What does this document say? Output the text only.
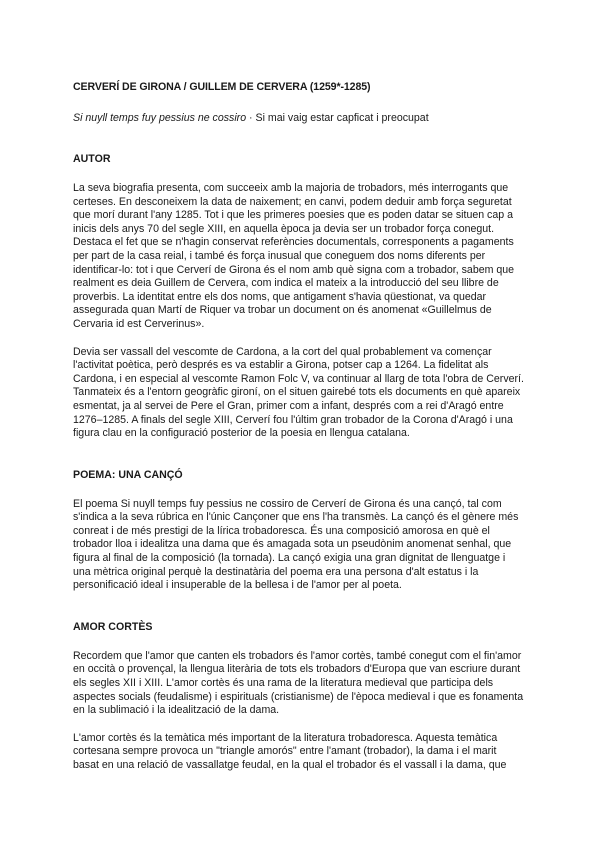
CERVERÍ DE GIRONA / GUILLEM DE CERVERA (1259*-1285)
Si nuyll temps fuy pessius ne cossiro · Si mai vaig estar capficat i preocupat
AUTOR

La seva biografia presenta, com succeeix amb la majoria de trobadors, més interrogants que certeses. En desconeixem la data de naixement; en canvi, podem deduir amb força seguretat que morí durant l'any 1285. Tot i que les primeres poesies que es poden datar se situen cap a inicis dels anys 70 del segle XIII, en aquella època ja devia ser un trobador força conegut. Destaca el fet que se n'hagin conservat referències documentals, corresponents a pagaments per part de la casa reial, i també és força inusual que coneguem dos noms diferents per identificar-lo: tot i que Cerverí de Girona és el nom amb què signa com a trobador, sabem que realment es deia Guillem de Cervera, com indica el mateix a la introducció del seu llibre de proverbis. La identitat entre els dos noms, que antigament s'havia qüestionat, va quedar assegurada quan Martí de Riquer va trobar un document on és anomenat «Guillelmus de Cervaria id est Cerverinus».

Devia ser vassall del vescomte de Cardona, a la cort del qual probablement va començar l'activitat poètica, però després es va establir a Girona, potser cap a 1264. La fidelitat als Cardona, i en especial al vescomte Ramon Folc V, va continuar al llarg de tota l'obra de Cerverí. Tanmateix és a l'entorn geogràfic gironí, on el situen gairebé tots els documents en què apareix esmentat, ja al servei de Pere el Gran, primer com a infant, després com a rei d'Aragó entre 1276–1285. A finals del segle XIII, Cerverí fou l'últim gran trobador de la Corona d'Aragó i una figura clau en la configuració posterior de la poesia en llengua catalana.

POEMA: UNA CANÇÓ

El poema Si nuyll temps fuy pessius ne cossiro de Cerverí de Girona és una cançó, tal com s'indica a la seva rúbrica en l'únic Cançoner que ens l'ha transmès. La cançó és el gènere més conreat i de més prestigi de la lírica trobadoresca. És una composició amorosa en què el trobador lloa i idealitza una dama que és amagada sota un pseudònim anomenat senhal, que figura al final de la composició (la tornada). La cançó exigia una gran dignitat de llenguatge i una mètrica original perquè la destinatària del poema era una persona d'alt estatus i la personificació ideal i insuperable de la bellesa i de l'amor per al poeta.

AMOR CORTÈS

Recordem que l'amor que canten els trobadors és l'amor cortès, també conegut com el fin'amor en occità o provençal, la llengua literària de tots els trobadors d'Europa que van escriure durant els segles XII i XIII. L'amor cortès és una rama de la literatura medieval que participa dels aspectes socials (feudalisme) i espirituals (cristianisme) de l'època medieval i que es fonamenta en la sublimació i la idealització de la dama.

L'amor cortès és la temàtica més important de la literatura trobadoresca. Aquesta temàtica cortesana sempre provoca un "triangle amorós" entre l'amant (trobador), la dama i el marit basat en una relació de vassallatge feudal, en la qual el trobador és el vassall i la dama, que
